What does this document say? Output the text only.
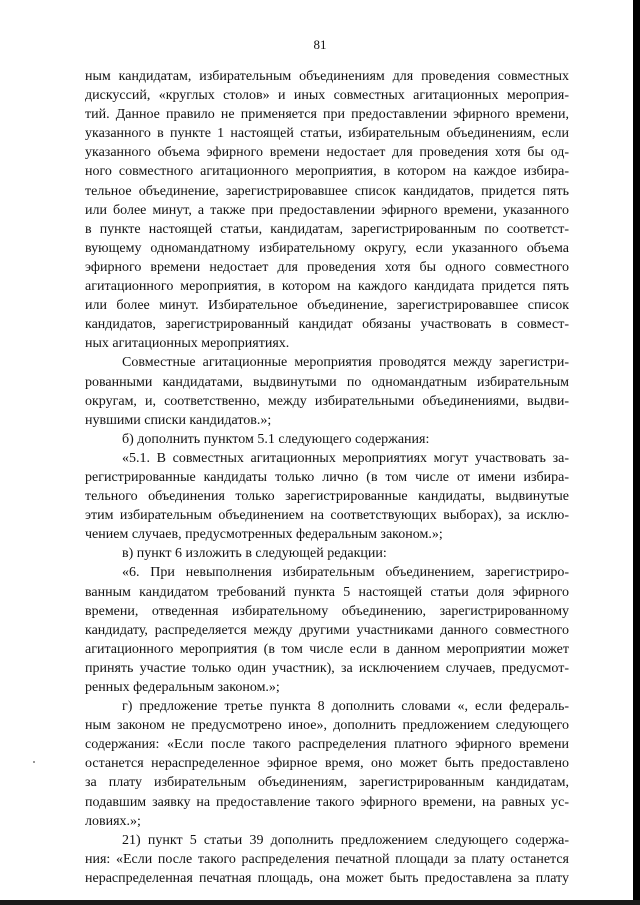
81
ным кандидатам, избирательным объединениям для проведения совместных
дискуссий, «круглых столов» и иных совместных агитационных мероприя-
тий. Данное правило не применяется при предоставлении эфирного времени,
указанного в пункте 1 настоящей статьи, избирательным объединениям, если
указанного объема эфирного времени недостает для проведения хотя бы од-
ного совместного агитационного мероприятия, в котором на каждое избира-
тельное объединение, зарегистрировавшее список кандидатов, придется пять
или более минут, а также при предоставлении эфирного времени, указанного
в пункте настоящей статьи, кандидатам, зарегистрированным по соответст-
вующему одномандатному избирательному округу, если указанного объема
эфирного времени недостает для проведения хотя бы одного совместного
агитационного мероприятия, в котором на каждого кандидата придется пять
или более минут. Избирательное объединение, зарегистрировавшее список
кандидатов, зарегистрированный кандидат обязаны участвовать в совмест-
ных агитационных мероприятиях.
Совместные агитационные мероприятия проводятся между зарегистри-
рованными кандидатами, выдвинутыми по одномандатным избирательным
округам, и, соответственно, между избирательными объединениями, выдви-
нувшими списки кандидатов.»;
б) дополнить пунктом 5.1 следующего содержания:
«5.1. В совместных агитационных мероприятиях могут участвовать за-
регистрированные кандидаты только лично (в том числе от имени избира-
тельного объединения только зарегистрированные кандидаты, выдвинутые
этим избирательным объединением на соответствующих выборах), за исклю-
чением случаев, предусмотренных федеральным законом.»;
в) пункт 6 изложить в следующей редакции:
«6. При невыполнения избирательным объединением, зарегистриро-
ванным кандидатом требований пункта 5 настоящей статьи доля эфирного
времени, отведенная избирательному объединению, зарегистрированному
кандидату, распределяется между другими участниками данного совместного
агитационного мероприятия (в том числе если в данном мероприятии может
принять участие только один участник), за исключением случаев, предусмот-
ренных федеральным законом.»;
г) предложение третье пункта 8 дополнить словами «, если федераль-
ным законом не предусмотрено иное», дополнить предложением следующего
содержания: «Если после такого распределения платного эфирного времени
останется нераспределенное эфирное время, оно может быть предоставлено
за плату избирательным объединениям, зарегистрированным кандидатам,
подавшим заявку на предоставление такого эфирного времени, на равных ус-
ловиях.»;
21) пункт 5 статьи 39 дополнить предложением следующего содержа-
ния: «Если после такого распределения печатной площади за плату останется
нераспределенная печатная площадь, она может быть предоставлена за плату
